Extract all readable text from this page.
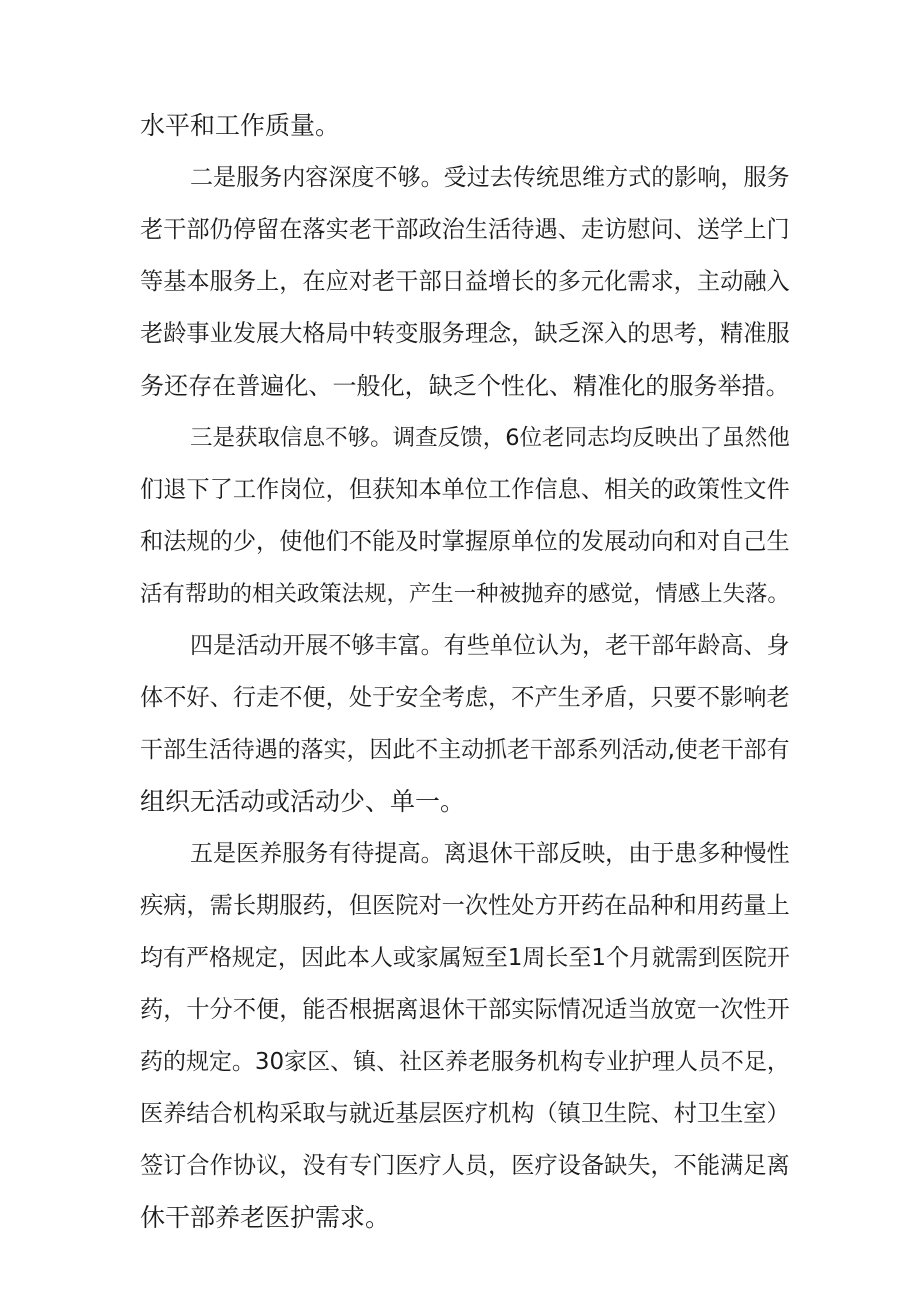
水平和工作质量。
二是服务内容深度不够。受过去传统思维方式的影响，服务
老干部仍停留在落实老干部政治生活待遇、走访慰问、送学上门
等基本服务上，在应对老干部日益增长的多元化需求，主动融入
老龄事业发展大格局中转变服务理念，缺乏深入的思考，精准服
务还存在普遍化、一般化，缺乏个性化、精准化的服务举措。
三是获取信息不够。调查反馈，6位老同志均反映出了虽然他
们退下了工作岗位，但获知本单位工作信息、相关的政策性文件
和法规的少，使他们不能及时掌握原单位的发展动向和对自己生
活有帮助的相关政策法规，产生一种被抛弃的感觉，情感上失落。
四是活动开展不够丰富。有些单位认为，老干部年龄高、身
体不好、行走不便，处于安全考虑，不产生矛盾，只要不影响老
干部生活待遇的落实，因此不主动抓老干部系列活动,使老干部有
组织无活动或活动少、单一。
五是医养服务有待提高。离退休干部反映，由于患多种慢性
疾病，需长期服药，但医院对一次性处方开药在品种和用药量上
均有严格规定，因此本人或家属短至1周长至1个月就需到医院开
药，十分不便，能否根据离退休干部实际情况适当放宽一次性开
药的规定。30家区、镇、社区养老服务机构专业护理人员不足，
医养结合机构采取与就近基层医疗机构（镇卫生院、村卫生室）
签订合作协议，没有专门医疗人员，医疗设备缺失，不能满足离
休干部养老医护需求。
